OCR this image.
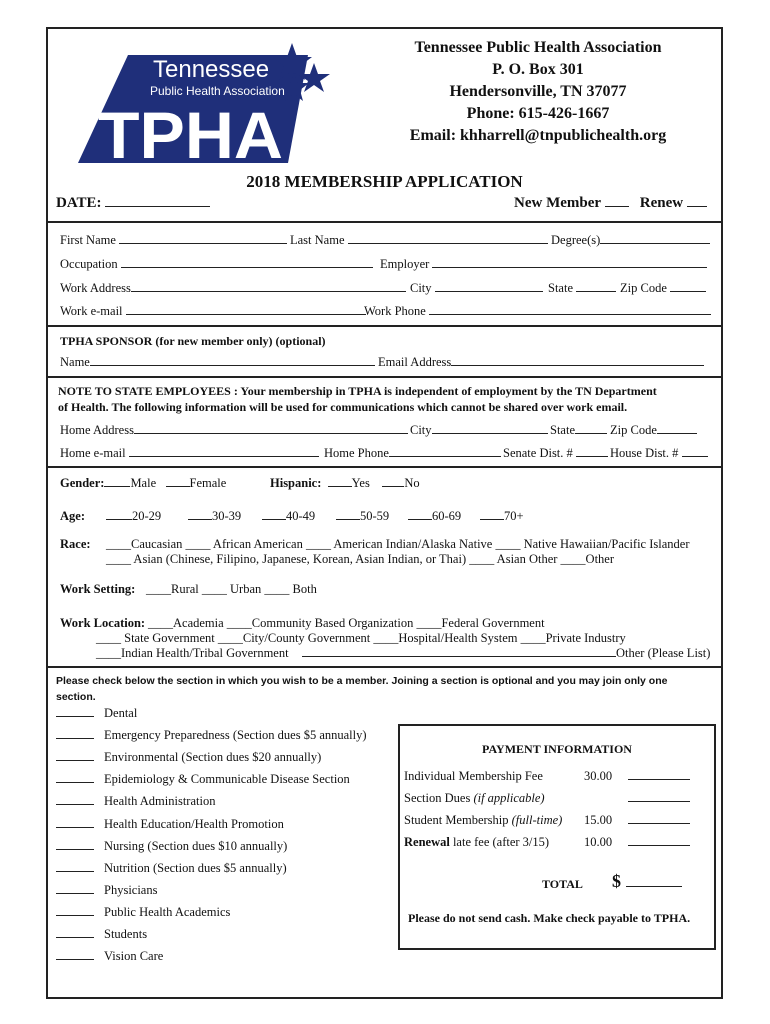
Tennessee
Public Health Association
TPHA
Tennessee Public Health Association
P. O. Box 301
Hendersonville, TN 37077
Phone: 615-426-1667
Email: khharrell@tnpublichealth.org
2018 MEMBERSHIP APPLICATION
DATE:	New Member	Renew
First Name	Last Name	Degree(s)
Occupation	Employer
Work Address	City	State	Zip Code
Work e-mail	Work Phone
TPHA SPONSOR (for new member only) (optional)
Name	Email Address
NOTE TO STATE EMPLOYEES : Your membership in TPHA is independent of employment by the TN Department
of Health. The following information will be used for communications which cannot be shared over work email.
Home Address	City	State	Zip Code
Home e-mail	Home Phone	Senate Dist. #	House Dist. #
Gender: Male	Female	Hispanic: Yes	No
Age:	20-29	30-39	40-49	50-59	60-69	70+
Race: ____Caucasian ____ African American ____ American Indian/Alaska Native ____ Native Hawaiian/Pacific Islander
____ Asian (Chinese, Filipino, Japanese, Korean, Asian Indian, or Thai) ____ Asian Other ____Other
Work Setting: ____Rural ____ Urban ____ Both
Work Location: ____Academia ____Community Based Organization ____Federal Government
____ State Government ____City/County Government ____Hospital/Health System ____Private Industry
____Indian Health/Tribal Government	Other (Please List)
Please check below the section in which you wish to be a member. Joining a section is optional and you may join only one section.
Dental
Emergency Preparedness (Section dues $5 annually)
Environmental (Section dues $20 annually)
Epidemiology & Communicable Disease Section
Health Administration
Health Education/Health Promotion
Nursing (Section dues $10 annually)
Nutrition (Section dues $5 annually)
Physicians
Public Health Academics
Students
Vision Care
PAYMENT INFORMATION
Individual Membership Fee	30.00
Section Dues (if applicable)
Student Membership (full-time) 15.00
Renewal late fee (after 3/15)	10.00
TOTAL $
Please do not send cash. Make check payable to TPHA.
